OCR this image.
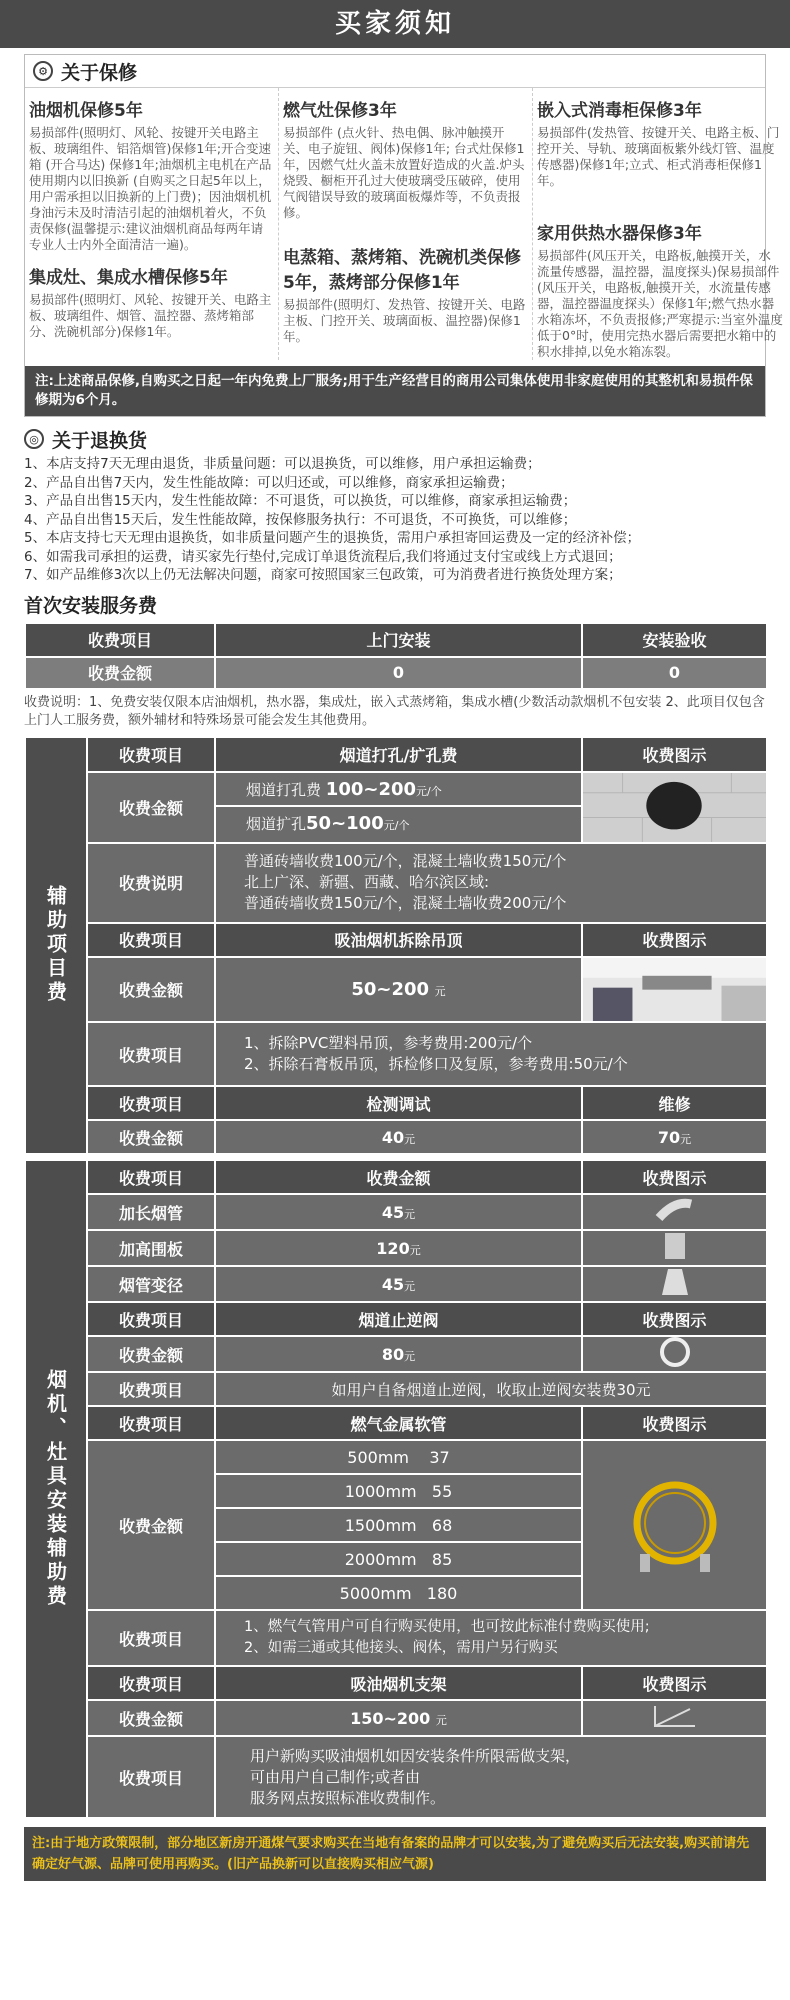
买家须知
⚙ 关于保修
油烟机保修5年
易损部件(照明灯、风轮、按键开关电路主板、玻璃组件、铝箔烟管)保修1年;开合变速箱 (开合马达) 保修1年;油烟机主电机在产品使用期内以旧换新 (自购买之日起5年以上，用户需承担以旧换新的上门费)；因油烟机机身油污未及时清洁引起的油烟机着火，不负责保修(温馨提示:建议油烟机商品每两年请专业人士内外全面清洁一遍)。
集成灶、集成水槽保修5年
易损部件(照明灯、风轮、按键开关、电路主板、玻璃组件、烟管、温控器、蒸烤箱部分、洗碗机部分)保修1年。
燃气灶保修3年
易损部件 (点火针、热电偶、脉冲触摸开关、电子旋钮、阀体)保修1年; 台式灶保修1年，因燃气灶火盖未放置好造成的火盖.炉头烧毁、橱柜开孔过大使玻璃受压破碎，使用气阀错误导致的玻璃面板爆炸等，不负责报修。
电蒸箱、蒸烤箱、洗碗机类保修5年，蒸烤部分保修1年
易损部件(照明灯、发热管、按键开关、电路主板、门控开关、玻璃面板、温控器)保修1年。
嵌入式消毒柜保修3年
易损部件(发热管、按键开关、电路主板、门控开关、导轨、玻璃面板紫外线灯管、温度传感器)保修1年;立式、柜式消毒柜保修1年。
家用供热水器保修3年
易损部件(风压开关，电路板,触摸开关，水流量传感器，温控器，温度探头)保易损部件(风压开关，电路板,触摸开关，水流量传感器，温控器温度探头）保修1年;燃气热水器水箱冻坏，不负责报修;严寒提示:当室外温度低于0°时，使用完热水器后需要把水箱中的积水排掉,以免水箱冻裂。
注:上述商品保修,自购买之日起一年内免费上厂服务;用于生产经营目的商用公司集体使用非家庭使用的其整机和易损件保修期为6个月。
◎ 关于退换货
1、本店支持7天无理由退货，非质量问题：可以退换货，可以维修，用户承担运输费；
2、产品自出售7天内，发生性能故障：可以归还或，可以维修，商家承担运输费；
3、产品自出售15天内，发生性能故障：不可退货，可以换货，可以维修，商家承担运输费；
4、产品自出售15天后，发生性能故障，按保修服务执行：不可退货，不可换货，可以维修；
5、本店支持七天无理由退换货，如非质量问题产生的退换货，需用户承担寄回运费及一定的经济补偿；
6、如需我司承担的运费，请买家先行垫付,完成订单退货流程后,我们将通过支付宝或线上方式退回；
7、如产品维修3次以上仍无法解决问题，商家可按照国家三包政策，可为消费者进行换货处理方案；
首次安装服务费
收费项目	上门安装	安装验收
收费金额	0	0
收费说明：1、免费安装仅限本店油烟机，热水器，集成灶，嵌入式蒸烤箱，集成水槽(少数活动款烟机不包安装 2、此项目仅包含上门人工服务费，额外辅材和特殊场景可能会发生其他费用。
辅助项目费	收费项目	烟道打孔/扩孔费	收费图示
	收费金额	烟道打孔费 100~200元/个
烟道扩孔50~100元/个

	收费说明	普通砖墙收费100元/个，混凝土墙收费150元/个
北上广深、新疆、西藏、哈尔滨区域:
普通砖墙收费150元/个，混凝土墙收费200元/个	

	收费项目	吸油烟机拆除吊顶	收费图示
	收费金额	50~200 元	

	收费项目	1、拆除PVC塑料吊顶，参考费用:200元/个
2、拆除石膏板吊顶，拆检修口及复原，参考费用:50元/个	

	收费项目	检测调试	维修
	收费金额	40元	70元
烟机、灶具安装辅助费	收费项目	收费金额	收费图示
	加长烟管	45元	
	加高围板	120元	
	烟管变径	45元	
	收费项目	烟道止逆阀	收费图示
	收费金额	80元	
	收费项目	如用户自备烟道止逆阀，收取止逆阀安装费30元	
	收费项目	燃气金属软管	收费图示
	收费金额	500mm    37	
		1000mm   55	
		1500mm   68	
		2000mm   85	
		5000mm   180	
	收费项目	1、燃气气管用户可自行购买使用，也可按此标准付费购买使用;
2、如需三通或其他接头、阀体，需用户另行购买	

	收费项目	吸油烟机支架	收费图示
	收费金额	150~200 元	
	收费项目	用户新购买吸油烟机如因安装条件所限需做支架，
可由用户自己制作;或者由
服务网点按照标准收费制作。	
注:由于地方政策限制，部分地区新房开通煤气要求购买在当地有备案的品牌才可以安装,为了避免购买后无法安装,购买前请先确定好气源、品牌可使用再购买。(旧产品换新可以直接购买相应气源)
